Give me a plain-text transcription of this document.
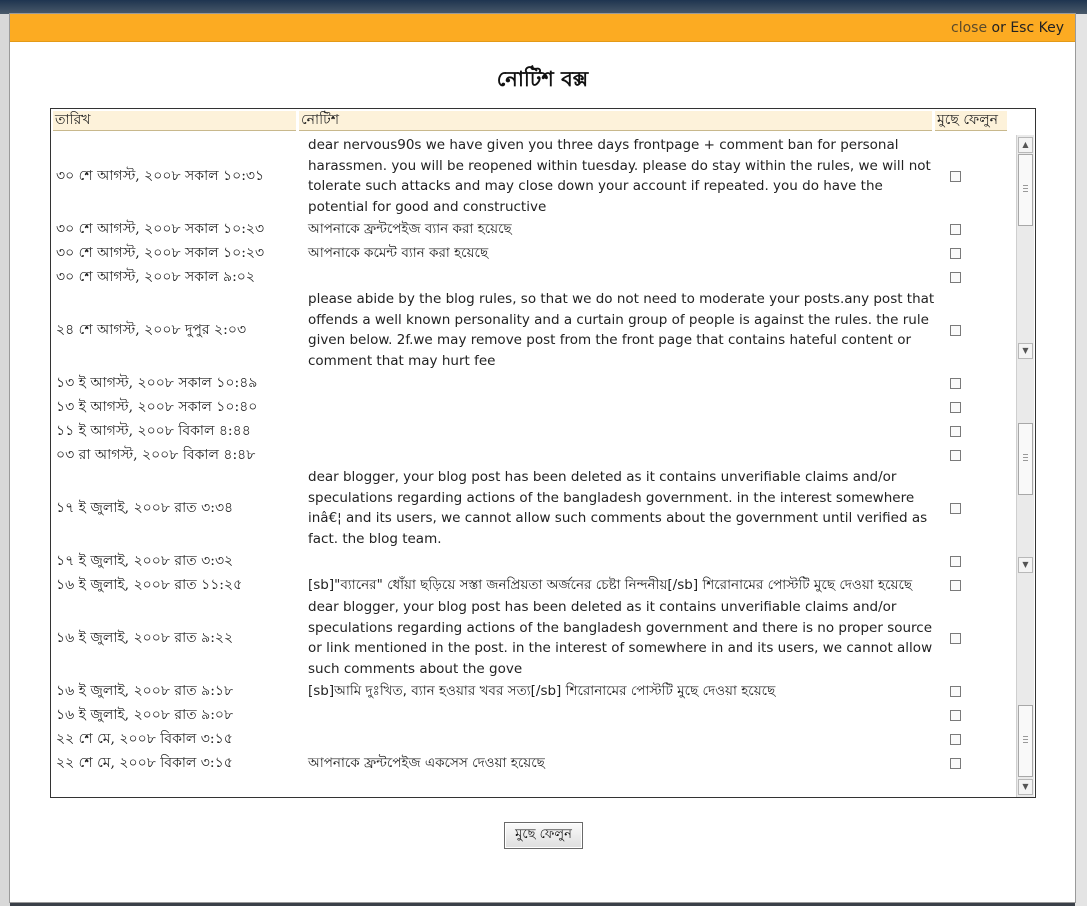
close or Esc Key
নোটিশ বক্স
তারিখ	নোটিশ	মুছে ফেলুন
৩০ শে আগস্ট, ২০০৮ সকাল ১০:৩১	dear nervous90s we have given you three days frontpage + comment ban for personal harassmen. you will be reopened within tuesday. please do stay within the rules, we will not tolerate such attacks and may close down your account if repeated. you do have the potential for good and constructive	
৩০ শে আগস্ট, ২০০৮ সকাল ১০:২৩	আপনাকে ফ্রন্টপেইজ ব্যান করা হয়েছে	
৩০ শে আগস্ট, ২০০৮ সকাল ১০:২৩	আপনাকে কমেন্ট ব্যান করা হয়েছে	
৩০ শে আগস্ট, ২০০৮ সকাল ৯:০২		
২৪ শে আগস্ট, ২০০৮ দুপুর ২:০৩	please abide by the blog rules, so that we do not need to moderate your posts.any post that offends a well known personality and a curtain group of people is against the rules. the rule given below. 2f.we may remove post from the front page that contains hateful content or comment that may hurt fee	
১৩ ই আগস্ট, ২০০৮ সকাল ১০:৪৯		
১৩ ই আগস্ট, ২০০৮ সকাল ১০:৪০		
১১ ই আগস্ট, ২০০৮ বিকাল ৪:৪৪		
০৩ রা আগস্ট, ২০০৮ বিকাল ৪:৪৮		
১৭ ই জুলাই, ২০০৮ রাত ৩:৩৪	dear blogger, your blog post has been deleted as it contains unverifiable claims and/or speculations regarding actions of the bangladesh government. in the interest somewhere inâ€¦ and its users, we cannot allow such comments about the government until verified as fact. the blog team.	
১৭ ই জুলাই, ২০০৮ রাত ৩:৩২		
১৬ ই জুলাই, ২০০৮ রাত ১১:২৫	[sb]"ব্যানের" ধোঁয়া ছড়িয়ে সস্তা জনপ্রিয়তা অর্জনের চেষ্টা নিন্দনীয়[/sb] শিরোনামের পোস্টটি মুছে দেওয়া হয়েছে	
১৬ ই জুলাই, ২০০৮ রাত ৯:২২	dear blogger, your blog post has been deleted as it contains unverifiable claims and/or speculations regarding actions of the bangladesh government and there is no proper source or link mentioned in the post. in the interest of somewhere in and its users, we cannot allow such comments about the gove	
১৬ ই জুলাই, ২০০৮ রাত ৯:১৮	[sb]আমি দুঃখিত, ব্যান হওয়ার খবর সত্য[/sb] শিরোনামের পোস্টটি মুছে দেওয়া হয়েছে	
১৬ ই জুলাই, ২০০৮ রাত ৯:০৮		
২২ শে মে, ২০০৮ বিকাল ৩:১৫		
২২ শে মে, ২০০৮ বিকাল ৩:১৫	আপনাকে ফ্রন্টপেইজ একসেস দেওয়া হয়েছে	
▲
▼
▼
▼
মুছে ফেলুন
